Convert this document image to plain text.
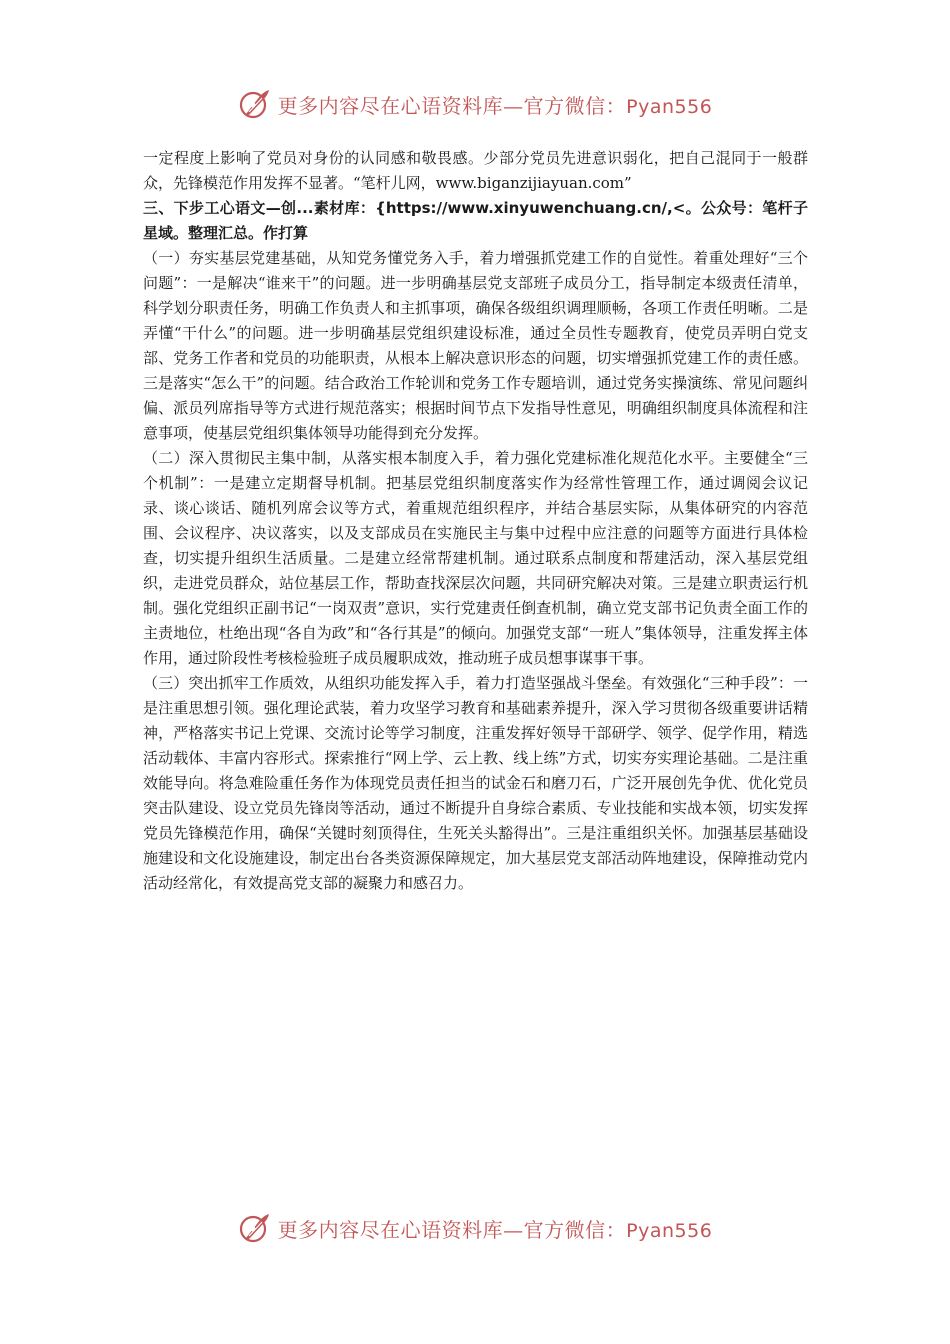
更多内容尽在心语资料库—官方微信：Pyan556

一定程度上影响了党员对身份的认同感和敬畏感。少部分党员先进意识弱化，把自己混同于一般群众，先锋模范作用发挥不显著。“笔杆儿网，www.biganzijiayuan.com”

三、下步工心语文—创...素材库：{https://www.xinyuwenchuang.cn/,<。公众号：笔杆子星域。整理汇总。作打算

（一）夯实基层党建基础，从知党务懂党务入手，着力增强抓党建工作的自觉性。着重处理好“三个问题”：一是解决“谁来干”的问题。进一步明确基层党支部班子成员分工，指导制定本级责任清单，科学划分职责任务，明确工作负责人和主抓事项，确保各级组织调理顺畅，各项工作责任明晰。二是弄懂“干什么”的问题。进一步明确基层党组织建设标准，通过全员性专题教育，使党员弄明白党支部、党务工作者和党员的功能职责，从根本上解决意识形态的问题，切实增强抓党建工作的责任感。三是落实“怎么干”的问题。结合政治工作轮训和党务工作专题培训，通过党务实操演练、常见问题纠偏、派员列席指导等方式进行规范落实；根据时间节点下发指导性意见，明确组织制度具体流程和注意事项，使基层党组织集体领导功能得到充分发挥。

（二）深入贯彻民主集中制，从落实根本制度入手，着力强化党建标准化规范化水平。主要健全“三个机制”：一是建立定期督导机制。把基层党组织制度落实作为经常性管理工作，通过调阅会议记录、谈心谈话、随机列席会议等方式，着重规范组织程序，并结合基层实际，从集体研究的内容范围、会议程序、决议落实，以及支部成员在实施民主与集中过程中应注意的问题等方面进行具体检查，切实提升组织生活质量。二是建立经常帮建机制。通过联系点制度和帮建活动，深入基层党组织，走进党员群众，站位基层工作，帮助查找深层次问题，共同研究解决对策。三是建立职责运行机制。强化党组织正副书记“一岗双责”意识，实行党建责任倒查机制，确立党支部书记负责全面工作的主责地位，杜绝出现“各自为政”和“各行其是”的倾向。加强党支部“一班人”集体领导，注重发挥主体作用，通过阶段性考核检验班子成员履职成效，推动班子成员想事谋事干事。

（三）突出抓牢工作质效，从组织功能发挥入手，着力打造坚强战斗堡垒。有效强化“三种手段”：一是注重思想引领。强化理论武装，着力攻坚学习教育和基础素养提升，深入学习贯彻各级重要讲话精神，严格落实书记上党课、交流讨论等学习制度，注重发挥好领导干部研学、领学、促学作用，精选活动载体、丰富内容形式。探索推行“网上学、云上教、线上练”方式，切实夯实理论基础。二是注重效能导向。将急难险重任务作为体现党员责任担当的试金石和磨刀石，广泛开展创先争优、优化党员突击队建设、设立党员先锋岗等活动，通过不断提升自身综合素质、专业技能和实战本领，切实发挥党员先锋模范作用，确保“关键时刻顶得住，生死关头豁得出”。三是注重组织关怀。加强基层基础设施建设和文化设施建设，制定出台各类资源保障规定，加大基层党支部活动阵地建设，保障推动党内活动经常化，有效提高党支部的凝聚力和感召力。

更多内容尽在心语资料库—官方微信：Pyan556
